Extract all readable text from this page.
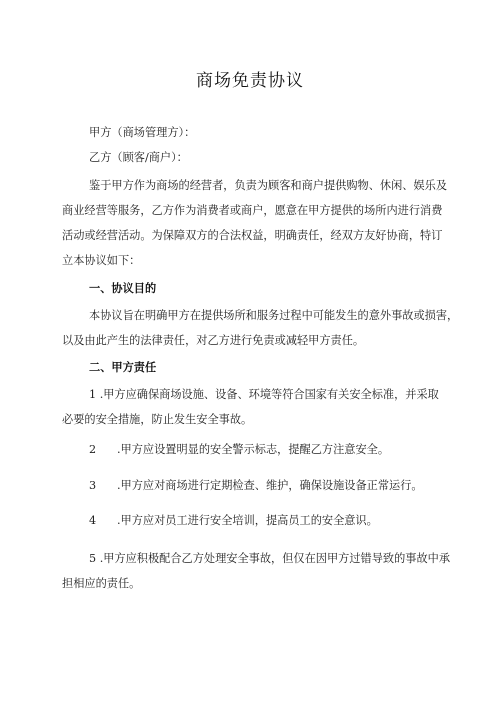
商场免责协议
甲方（商场管理方）：
乙方（顾客/商户）：
鉴于甲方作为商场的经营者，负责为顾客和商户提供购物、休闲、娱乐及
商业经营等服务，乙方作为消费者或商户，愿意在甲方提供的场所内进行消费
活动或经营活动。为保障双方的合法权益，明确责任，经双方友好协商，特订
立本协议如下：
一、协议目的
本协议旨在明确甲方在提供场所和服务过程中可能发生的意外事故或损害，
以及由此产生的法律责任，对乙方进行免责或减轻甲方责任。
二、甲方责任
1 .甲方应确保商场设施、设备、环境等符合国家有关安全标准，并采取
必要的安全措施，防止发生安全事故。
2 .甲方应设置明显的安全警示标志，提醒乙方注意安全。
3 .甲方应对商场进行定期检查、维护，确保设施设备正常运行。
4 .甲方应对员工进行安全培训，提高员工的安全意识。
5 .甲方应积极配合乙方处理安全事故，但仅在因甲方过错导致的事故中承
担相应的责任。
